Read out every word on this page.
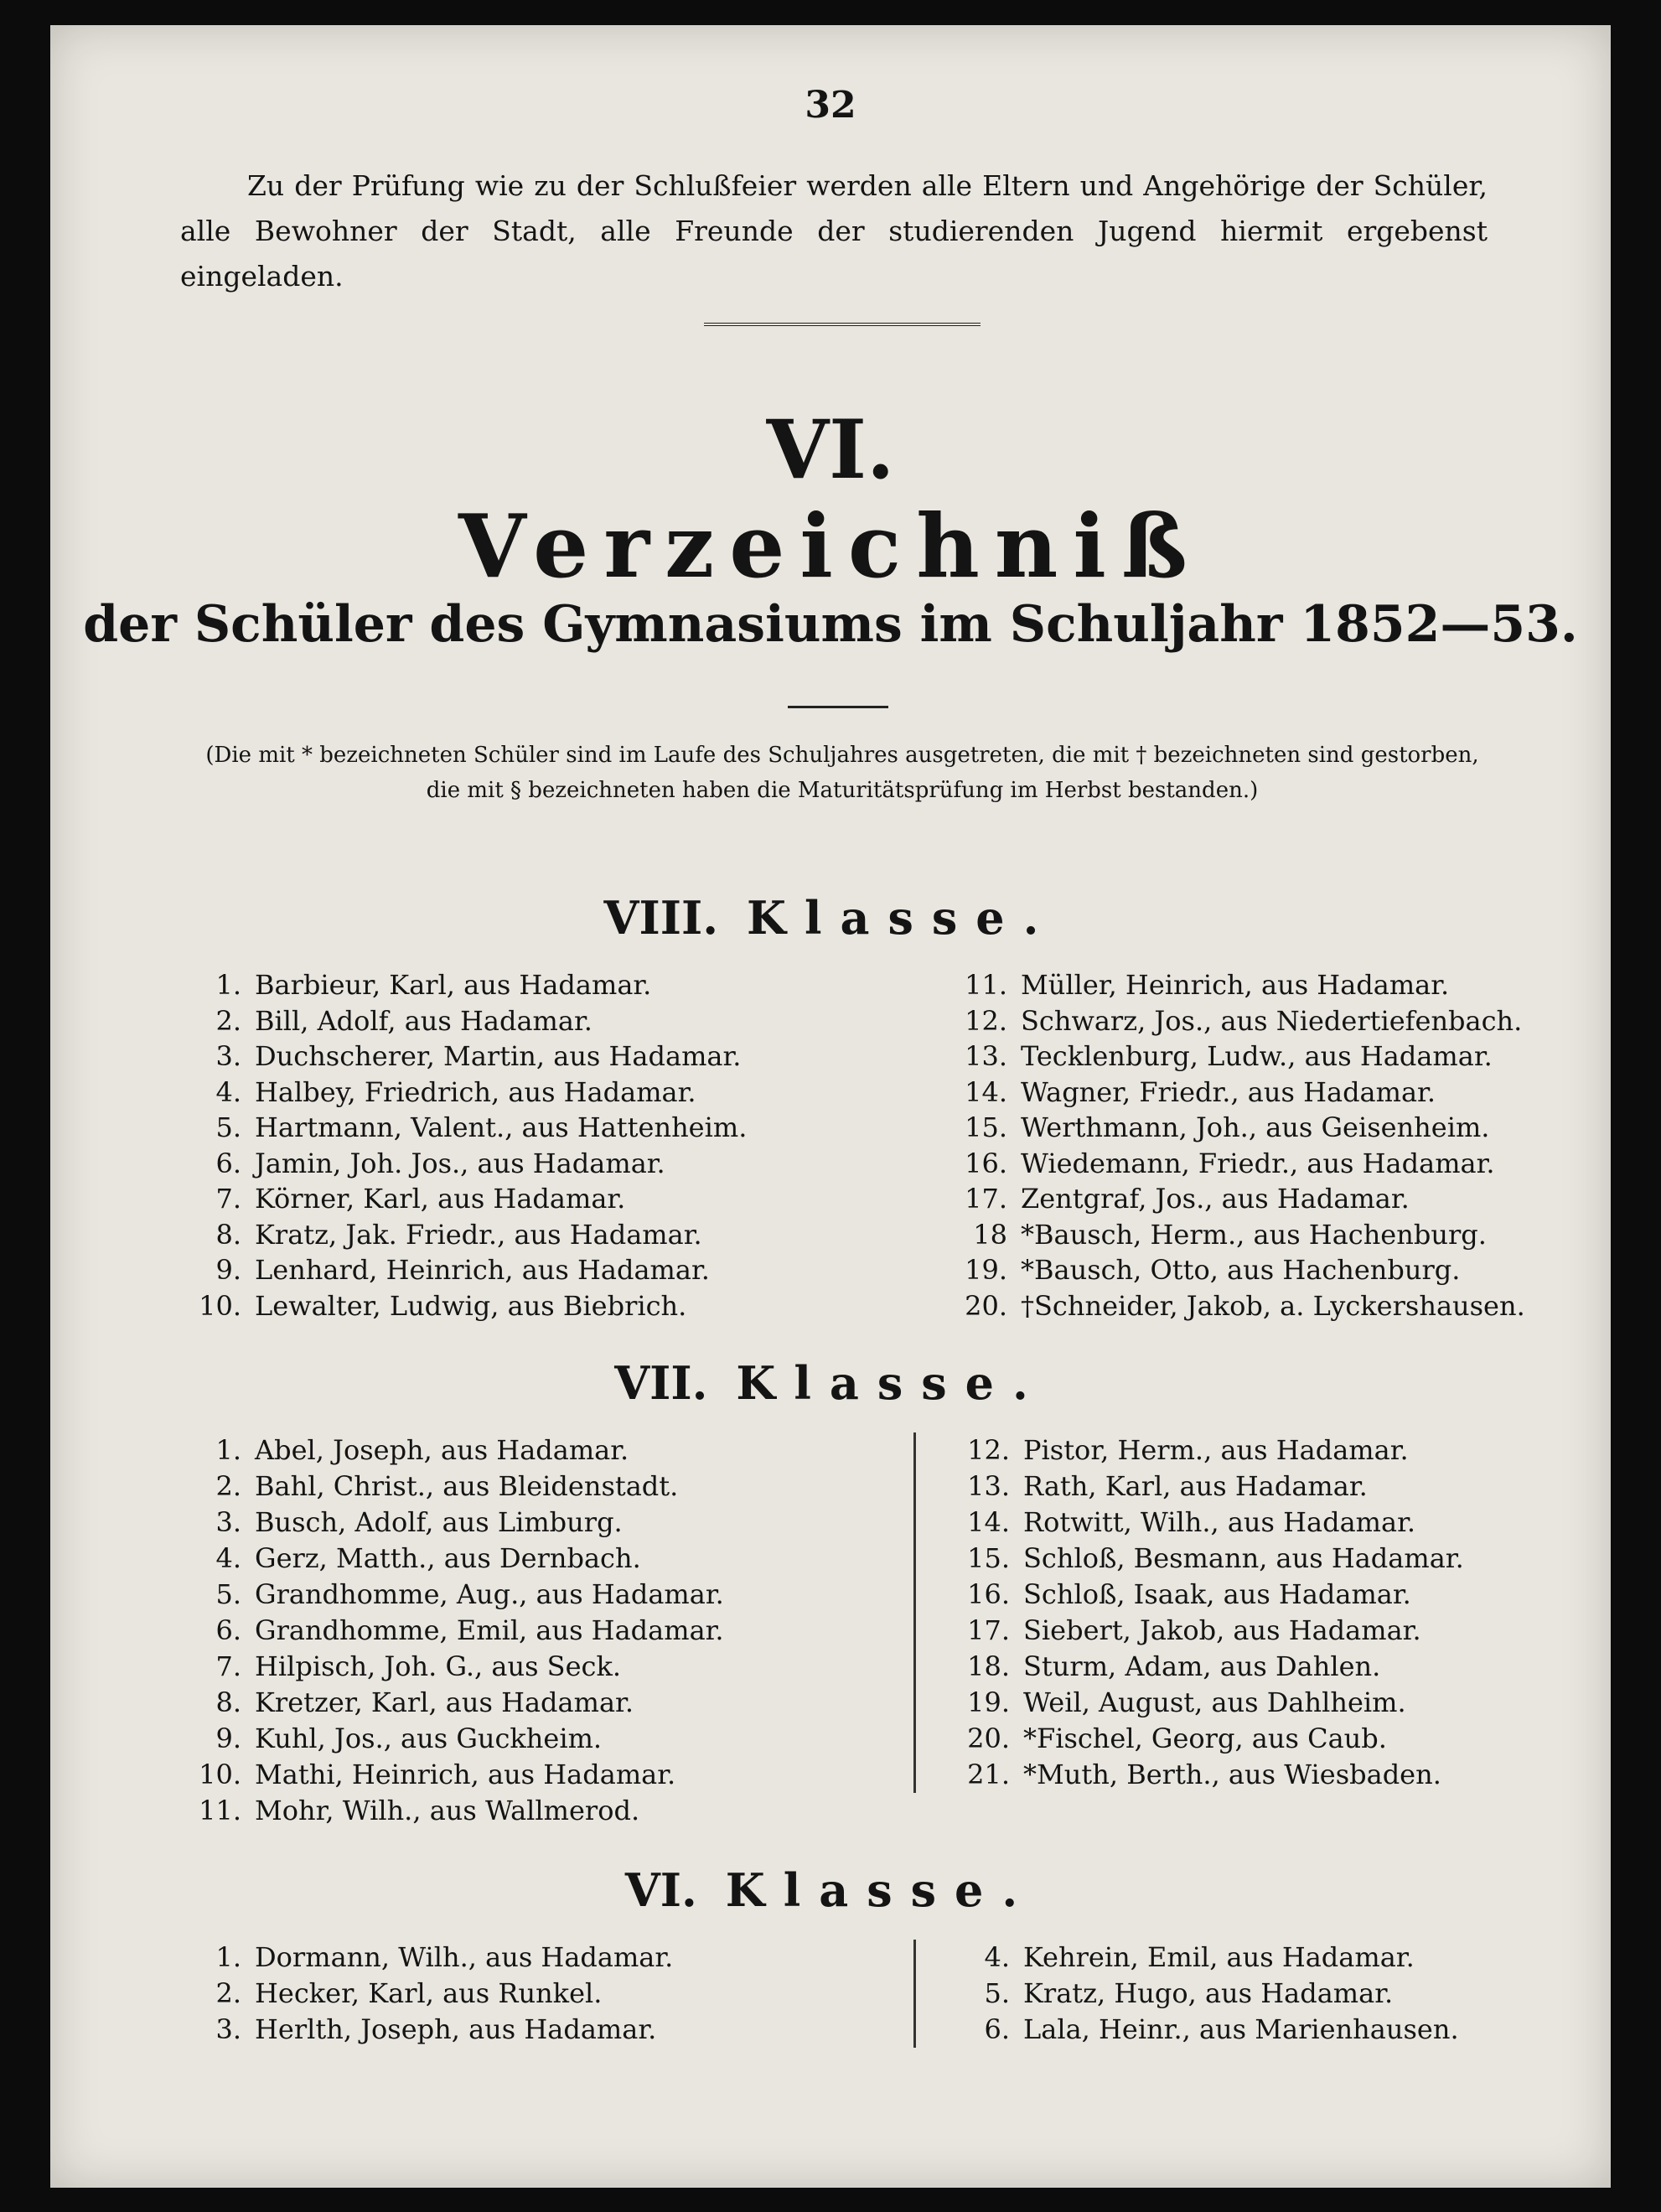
32
Zu der Prüfung wie zu der Schlußfeier werden alle Eltern und Angehörige der Schüler, alle Bewohner der Stadt, alle Freunde der studierenden Jugend hiermit ergebenst eingeladen.
VI.
Verzeichniß
der Schüler des Gymnasiums im Schuljahr 1852—53.
(Die mit * bezeichneten Schüler sind im Laufe des Schuljahres ausgetreten, die mit † bezeichneten sind gestorben, die mit § bezeichneten haben die Maturitätsprüfung im Herbst bestanden.)
VIII. Klasse.
1. Barbieur, Karl, aus Hadamar.
2. Bill, Adolf, aus Hadamar.
3. Duchscherer, Martin, aus Hadamar.
4. Halbey, Friedrich, aus Hadamar.
5. Hartmann, Valent., aus Hattenheim.
6. Jamin, Joh. Jos., aus Hadamar.
7. Körner, Karl, aus Hadamar.
8. Kratz, Jak. Friedr., aus Hadamar.
9. Lenhard, Heinrich, aus Hadamar.
10. Lewalter, Ludwig, aus Biebrich.
11. Müller, Heinrich, aus Hadamar.
12. Schwarz, Jos., aus Niedertiefenbach.
13. Tecklenburg, Ludw., aus Hadamar.
14. Wagner, Friedr., aus Hadamar.
15. Werthmann, Joh., aus Geisenheim.
16. Wiedemann, Friedr., aus Hadamar.
17. Zentgraf, Jos., aus Hadamar.
18 *Bausch, Herm., aus Hachenburg.
19. *Bausch, Otto, aus Hachenburg.
20. †Schneider, Jakob, a. Lyckershausen.
VII. Klasse.
1. Abel, Joseph, aus Hadamar.
2. Bahl, Christ., aus Bleidenstadt.
3. Busch, Adolf, aus Limburg.
4. Gerz, Matth., aus Dernbach.
5. Grandhomme, Aug., aus Hadamar.
6. Grandhomme, Emil, aus Hadamar.
7. Hilpisch, Joh. G., aus Seck.
8. Kretzer, Karl, aus Hadamar.
9. Kuhl, Jos., aus Guckheim.
10. Mathi, Heinrich, aus Hadamar.
11. Mohr, Wilh., aus Wallmerod.
12. Pistor, Herm., aus Hadamar.
13. Rath, Karl, aus Hadamar.
14. Rotwitt, Wilh., aus Hadamar.
15. Schloß, Besmann, aus Hadamar.
16. Schloß, Isaak, aus Hadamar.
17. Siebert, Jakob, aus Hadamar.
18. Sturm, Adam, aus Dahlen.
19. Weil, August, aus Dahlheim.
20. *Fischel, Georg, aus Caub.
21. *Muth, Berth., aus Wiesbaden.
VI. Klasse.
1. Dormann, Wilh., aus Hadamar.
2. Hecker, Karl, aus Runkel.
3. Herlth, Joseph, aus Hadamar.
4. Kehrein, Emil, aus Hadamar.
5. Kratz, Hugo, aus Hadamar.
6. Lala, Heinr., aus Marienhausen.
